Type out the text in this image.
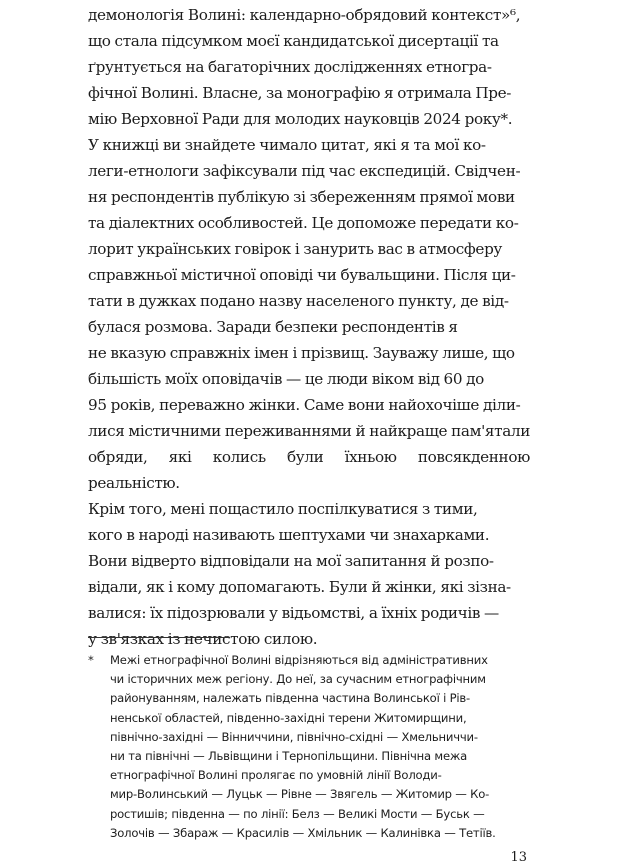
демонологія Волині: календарно-обрядовий контекст»⁶,
що стала підсумком моєї кандидатської дисертації та
ґрунтується на багаторічних дослідженнях етногра-
фічної Волині. Власне, за монографію я отримала Пре-
мію Верховної Ради для молодих науковців 2024 року*.

У книжці ви знайдете чимало цитат, які я та мої ко-
леги-етнологи зафіксували під час експедицій. Свідчен-
ня респондентів публікую зі збереженням прямої мови
та діалектних особливостей. Це допоможе передати ко-
лорит українських говірок і занурить вас в атмосферу
справжньої містичної оповіді чи бувальщини. Після ци-
тати в дужках подано назву населеного пункту, де від-
булася розмова. Заради безпеки респондентів я
не вказую справжніх імен і прізвищ. Зауважу лише, що
більшість моїх оповідачів — це люди віком від 60 до
95 років, переважно жінки. Саме вони найохочіше діли-
лися містичними переживаннями й найкраще пам'ятали
обряди, які колись були їхньою повсякденною реальністю.

Крім того, мені пощастило поспілкуватися з тими,
кого в народі називають шептухами чи знахарками.
Вони відверто відповідали на мої запитання й розпо-
відали, як і кому допомагають. Були й жінки, які зізна-
валися: їх підозрювали у відьомстві, а їхніх родичів —
у зв'язках із нечистою силою.

*	Межі етнографічної Волині відрізняються від адміністративних
чи історичних меж регіону. До неї, за сучасним етнографічним
районуванням, належать південна частина Волинської і Рів-
ненської областей, південно-західні терени Житомирщини,
північно-західні — Вінниччини, північно-східні — Хмельниччи-
ни та північні — Львівщини і Тернопільщини. Північна межа
етнографічної Волині пролягає по умовній лінії Володи-
мир-Волинський — Луцьк — Рівне — Звягель — Житомир — Ко-
ростишів; південна — по лінії: Белз — Великі Мости — Буськ —
Золочів — Збараж — Красилів — Хмільник — Калинівка — Тетіїв.

13
